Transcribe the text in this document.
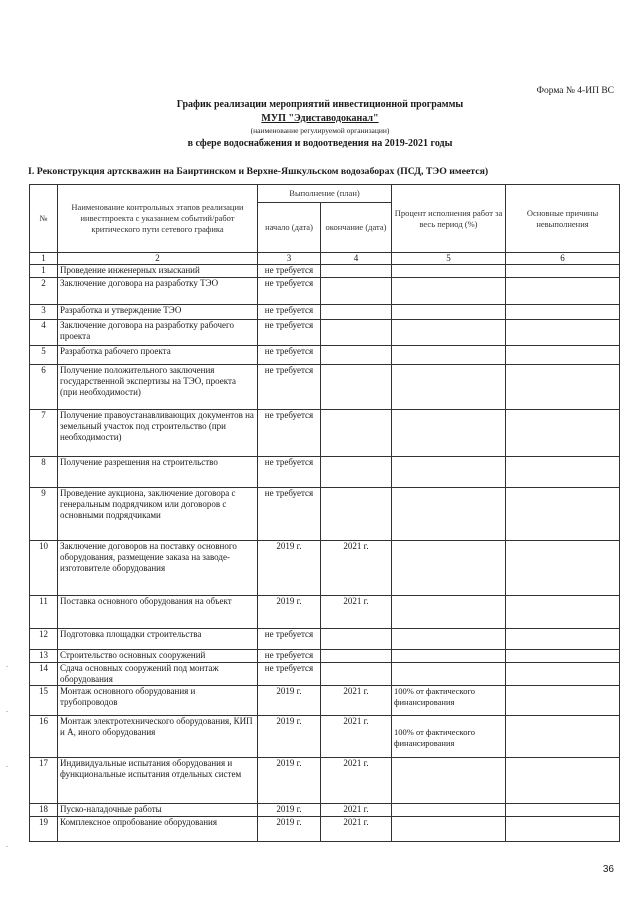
Форма № 4-ИП ВС
График реализации мероприятий инвестиционной программы
МУП "Эдиставодоканал"
(наименование регулируемой организации)
в сфере водоснабжения и водоотведения на 2019-2021 годы
I. Реконструкция артскважин на Баиртинском и Верхне-Яшкульском водозаборах (ПСД, ТЭО имеется)
№	Наименование контрольных этапов реализации инвестпроекта с указанием событий/работ критического пути сетевого графика	Выполнение (план)		Процент исполнения работ за весь период (%)	Основные причины невыполнения
		начало (дата)	окончание (дата)		
1	2	3	4	5	6
1	Проведение инженерных изысканий	не требуется			
2	Заключение договора на разработку ТЭО	не требуется			
3	Разработка и утверждение ТЭО	не требуется			
4	Заключение договора на разработку рабочего проекта	не требуется			
5	Разработка рабочего проекта	не требуется			
6	Получение положительного заключения государственной экспертизы на ТЭО, проекта (при необходимости)	не требуется			
7	Получение правоустанавливающих документов на земельный участок под строительство (при необходимости)	не требуется			
8	Получение разрешения на строительство	не требуется			
9	Проведение аукциона, заключение договора с генеральным подрядчиком или договоров с основными подрядчиками	не требуется			
10	Заключение договоров на поставку основного оборудования, размещение заказа на заводе-изготовителе оборудования	2019 г.	2021 г.		
11	Поставка основного оборудования на объект	2019 г.	2021 г.		
12	Подготовка площадки строительства	не требуется			
13	Строительство основных сооружений	не требуется			
14	Сдача основных сооружений под монтаж оборудования	не требуется			
15	Монтаж основного оборудования и трубопроводов	2019 г.	2021 г.	100% от фактического финансирования	
16	Монтаж электротехнического оборудования, КИП и А, иного оборудования	2019 г.	2021 г.	100% от фактического финансирования	
17	Индивидуальные испытания оборудования и функциональные испытания отдельных систем	2019 г.	2021 г.		
18	Пуско-наладочные работы	2019 г.	2021 г.		
19	Комплексное опробование оборудования	2019 г.	2021 г.		
.
.
.
.
36
